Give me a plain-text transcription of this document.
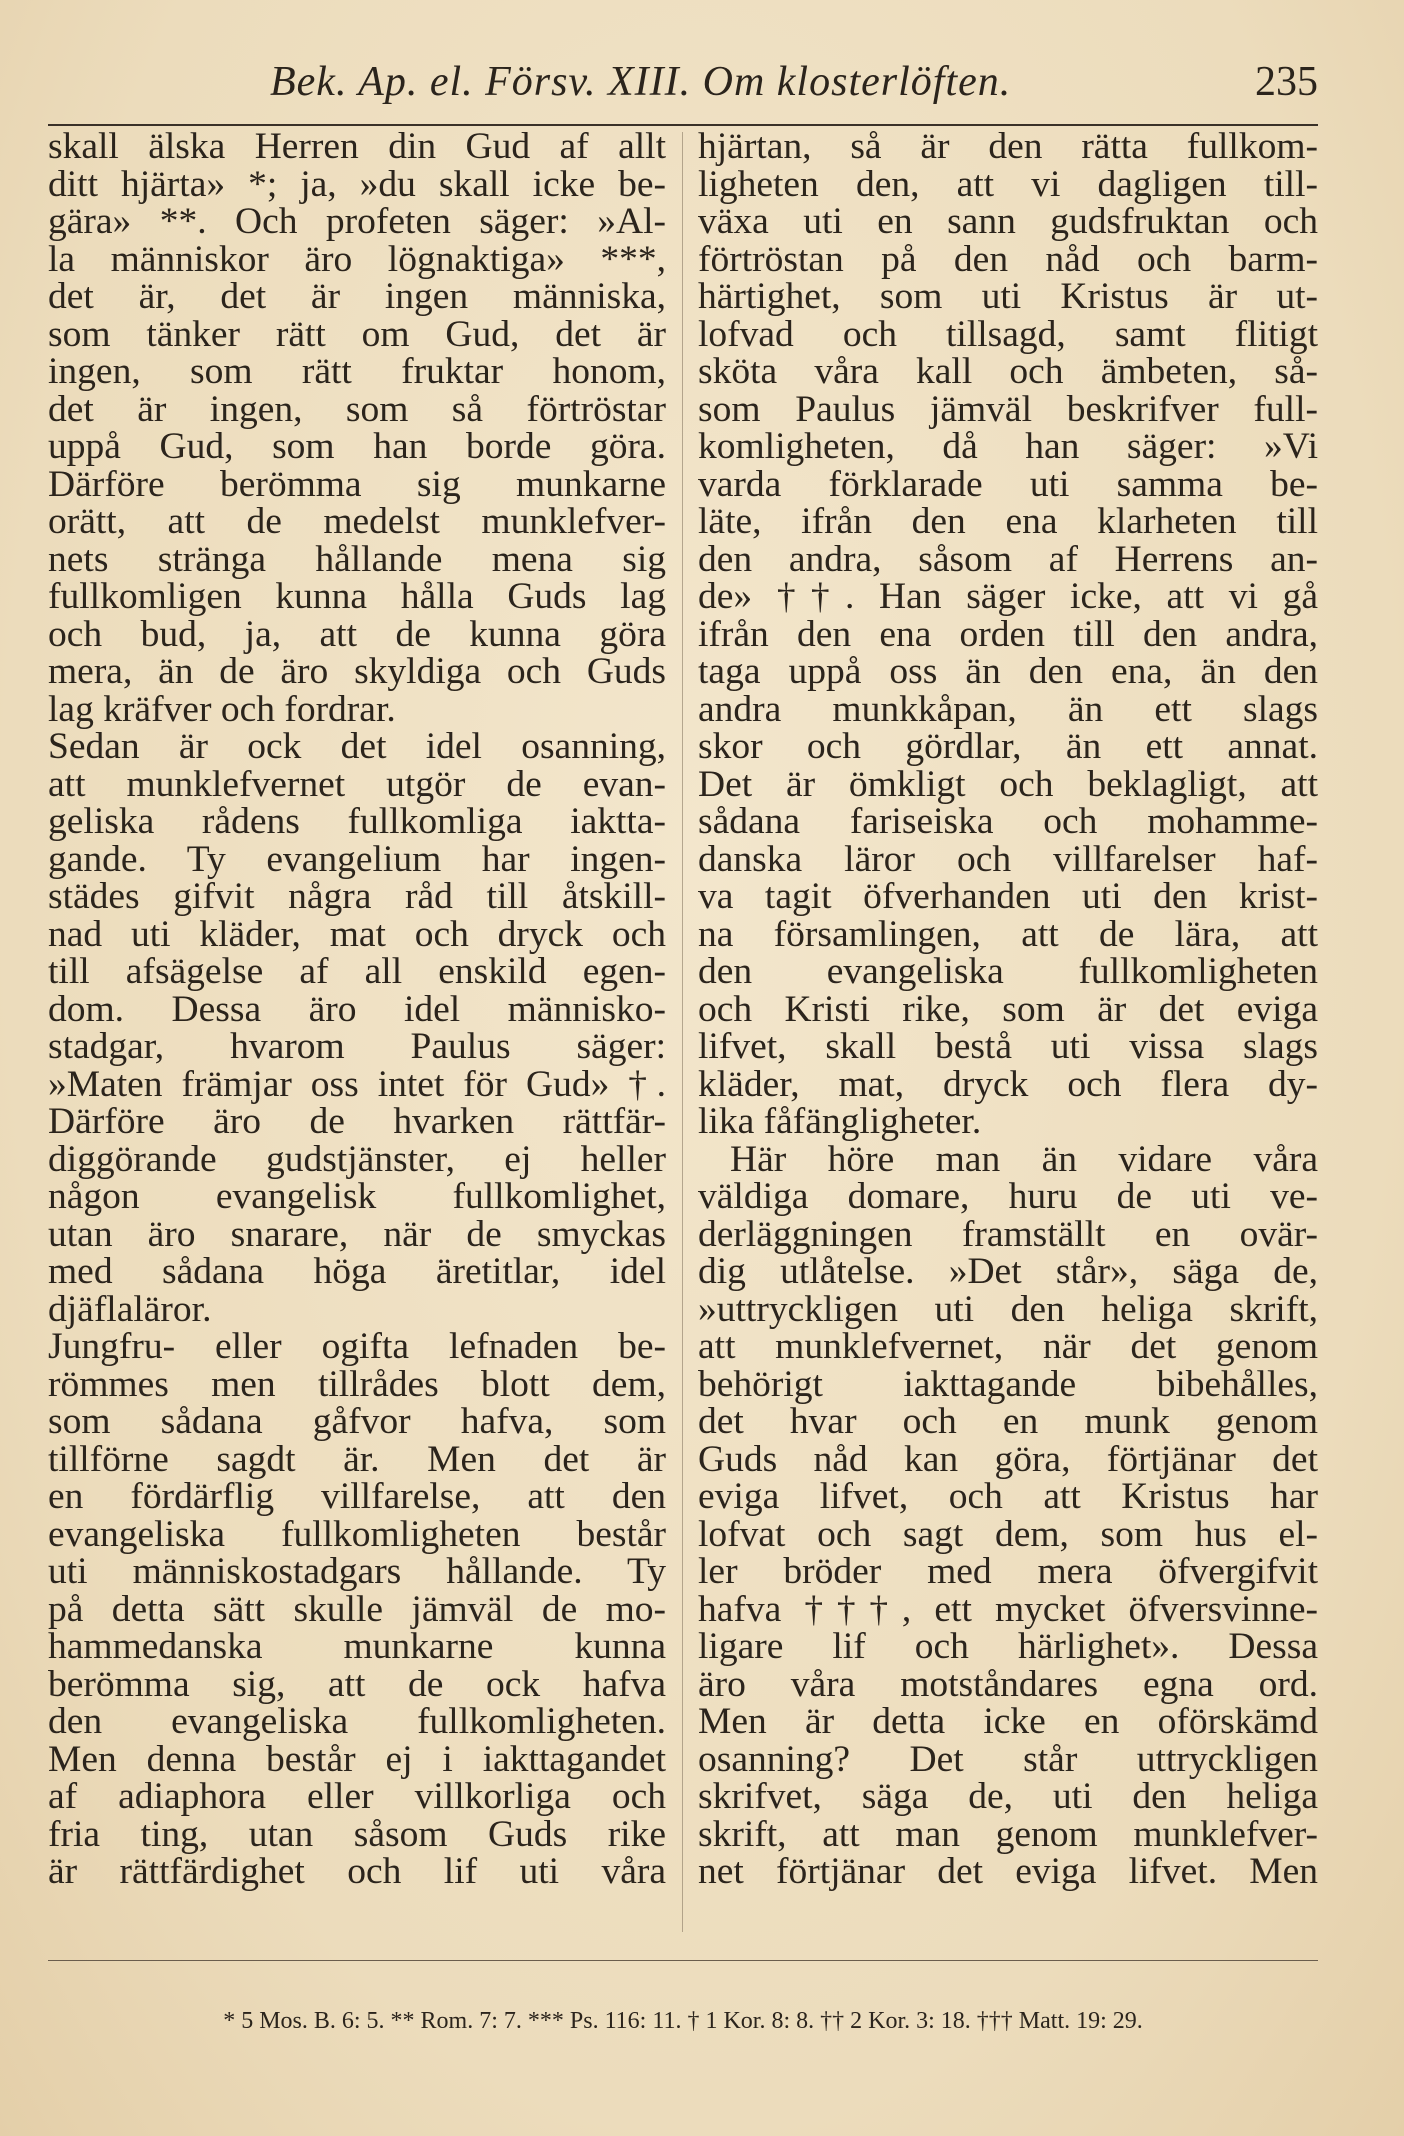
Bek. Ap. el. Försv. XIII. Om klosterlöften.	235
skall älska Herren din Gud af allt
ditt hjärta» *; ja, »du skall icke be-
gära» **. Och profeten säger: »Al-
la människor äro lögnaktiga» ***,
det är, det är ingen människa,
som tänker rätt om Gud, det är
ingen, som rätt fruktar honom,
det är ingen, som så förtröstar
uppå Gud, som han borde göra.
Därföre berömma sig munkarne
orätt, att de medelst munklefver-
nets stränga hållande mena sig
fullkomligen kunna hålla Guds lag
och bud, ja, att de kunna göra
mera, än de äro skyldiga och Guds
lag kräfver och fordrar.
Sedan är ock det idel osanning,
att munklefvernet utgör de evan-
geliska rådens fullkomliga iaktta-
gande. Ty evangelium har ingen-
städes gifvit några råd till åtskill-
nad uti kläder, mat och dryck och
till afsägelse af all enskild egen-
dom. Dessa äro idel människo-
stadgar, hvarom Paulus säger:
»Maten främjar oss intet för Gud» †.
Därföre äro de hvarken rättfär-
diggörande gudstjänster, ej heller
någon evangelisk fullkomlighet,
utan äro snarare, när de smyckas
med sådana höga äretitlar, idel
djäflaläror.
Jungfru- eller ogifta lefnaden be-
römmes men tillrådes blott dem,
som sådana gåfvor hafva, som
tillförne sagdt är. Men det är
en fördärflig villfarelse, att den
evangeliska fullkomligheten består
uti människostadgars hållande. Ty
på detta sätt skulle jämväl de mo-
hammedanska munkarne kunna
berömma sig, att de ock hafva
den evangeliska fullkomligheten.
Men denna består ej i iakttagandet
af adiaphora eller villkorliga och
fria ting, utan såsom Guds rike
är rättfärdighet och lif uti våra
hjärtan, så är den rätta fullkom-
ligheten den, att vi dagligen till-
växa uti en sann gudsfruktan och
förtröstan på den nåd och barm-
härtighet, som uti Kristus är ut-
lofvad och tillsagd, samt flitigt
sköta våra kall och ämbeten, så-
som Paulus jämväl beskrifver full-
komligheten, då han säger: »Vi
varda förklarade uti samma be-
läte, ifrån den ena klarheten till
den andra, såsom af Herrens an-
de» ††. Han säger icke, att vi gå
ifrån den ena orden till den andra,
taga uppå oss än den ena, än den
andra munkkåpan, än ett slags
skor och gördlar, än ett annat.
Det är ömkligt och beklagligt, att
sådana fariseiska och mohamme-
danska läror och villfarelser haf-
va tagit öfverhanden uti den krist-
na församlingen, att de lära, att
den evangeliska fullkomligheten
och Kristi rike, som är det eviga
lifvet, skall bestå uti vissa slags
kläder, mat, dryck och flera dy-
lika fåfängligheter.
Här höre man än vidare våra
väldiga domare, huru de uti ve-
derläggningen framställt en ovär-
dig utlåtelse. »Det står», säga de,
»uttryckligen uti den heliga skrift,
att munklefvernet, när det genom
behörigt iakttagande bibehålles,
det hvar och en munk genom
Guds nåd kan göra, förtjänar det
eviga lifvet, och att Kristus har
lofvat och sagt dem, som hus el-
ler bröder med mera öfvergifvit
hafva †††, ett mycket öfversvinne-
ligare lif och härlighet». Dessa
äro våra motståndares egna ord.
Men är detta icke en oförskämd
osanning? Det står uttryckligen
skrifvet, säga de, uti den heliga
skrift, att man genom munklefver-
net förtjänar det eviga lifvet. Men
* 5 Mos. B. 6: 5. ** Rom. 7: 7. *** Ps. 116: 11. † 1 Kor. 8: 8. †† 2 Kor. 3: 18. ††† Matt. 19: 29.
